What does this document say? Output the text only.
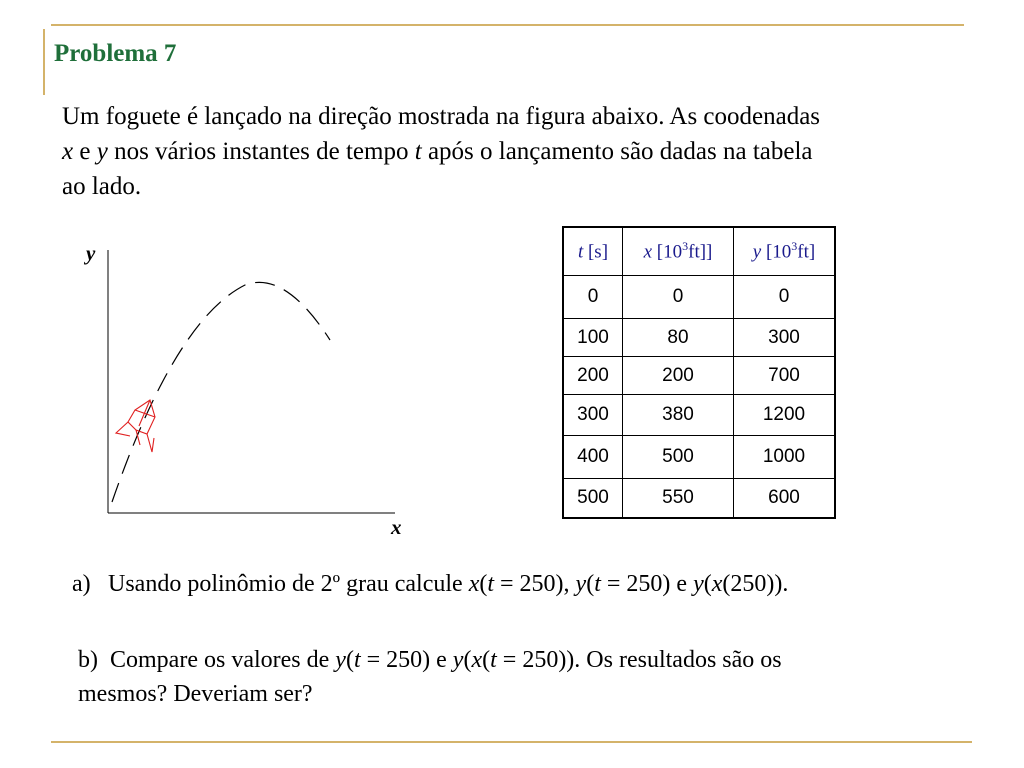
Problema 7
Um foguete é lançado na direção mostrada na figura abaixo. As coodenadas
x e y nos vários instantes de tempo t após o lançamento são dadas na tabela
ao lado.
y
x
t [s]	x $[10^3ft]$]	y $[10^3ft]$
0	0	0
100	80	300
200	200	700
300	380	1200
400	500	1000
500	550	600
a) Usando polinômio de 2º grau calcule x(t = 250), y(t = 250) e y(x(250)).
b) Compare os valores de y(t = 250) e y(x(t = 250)). Os resultados são os
mesmos? Deveriam ser?
